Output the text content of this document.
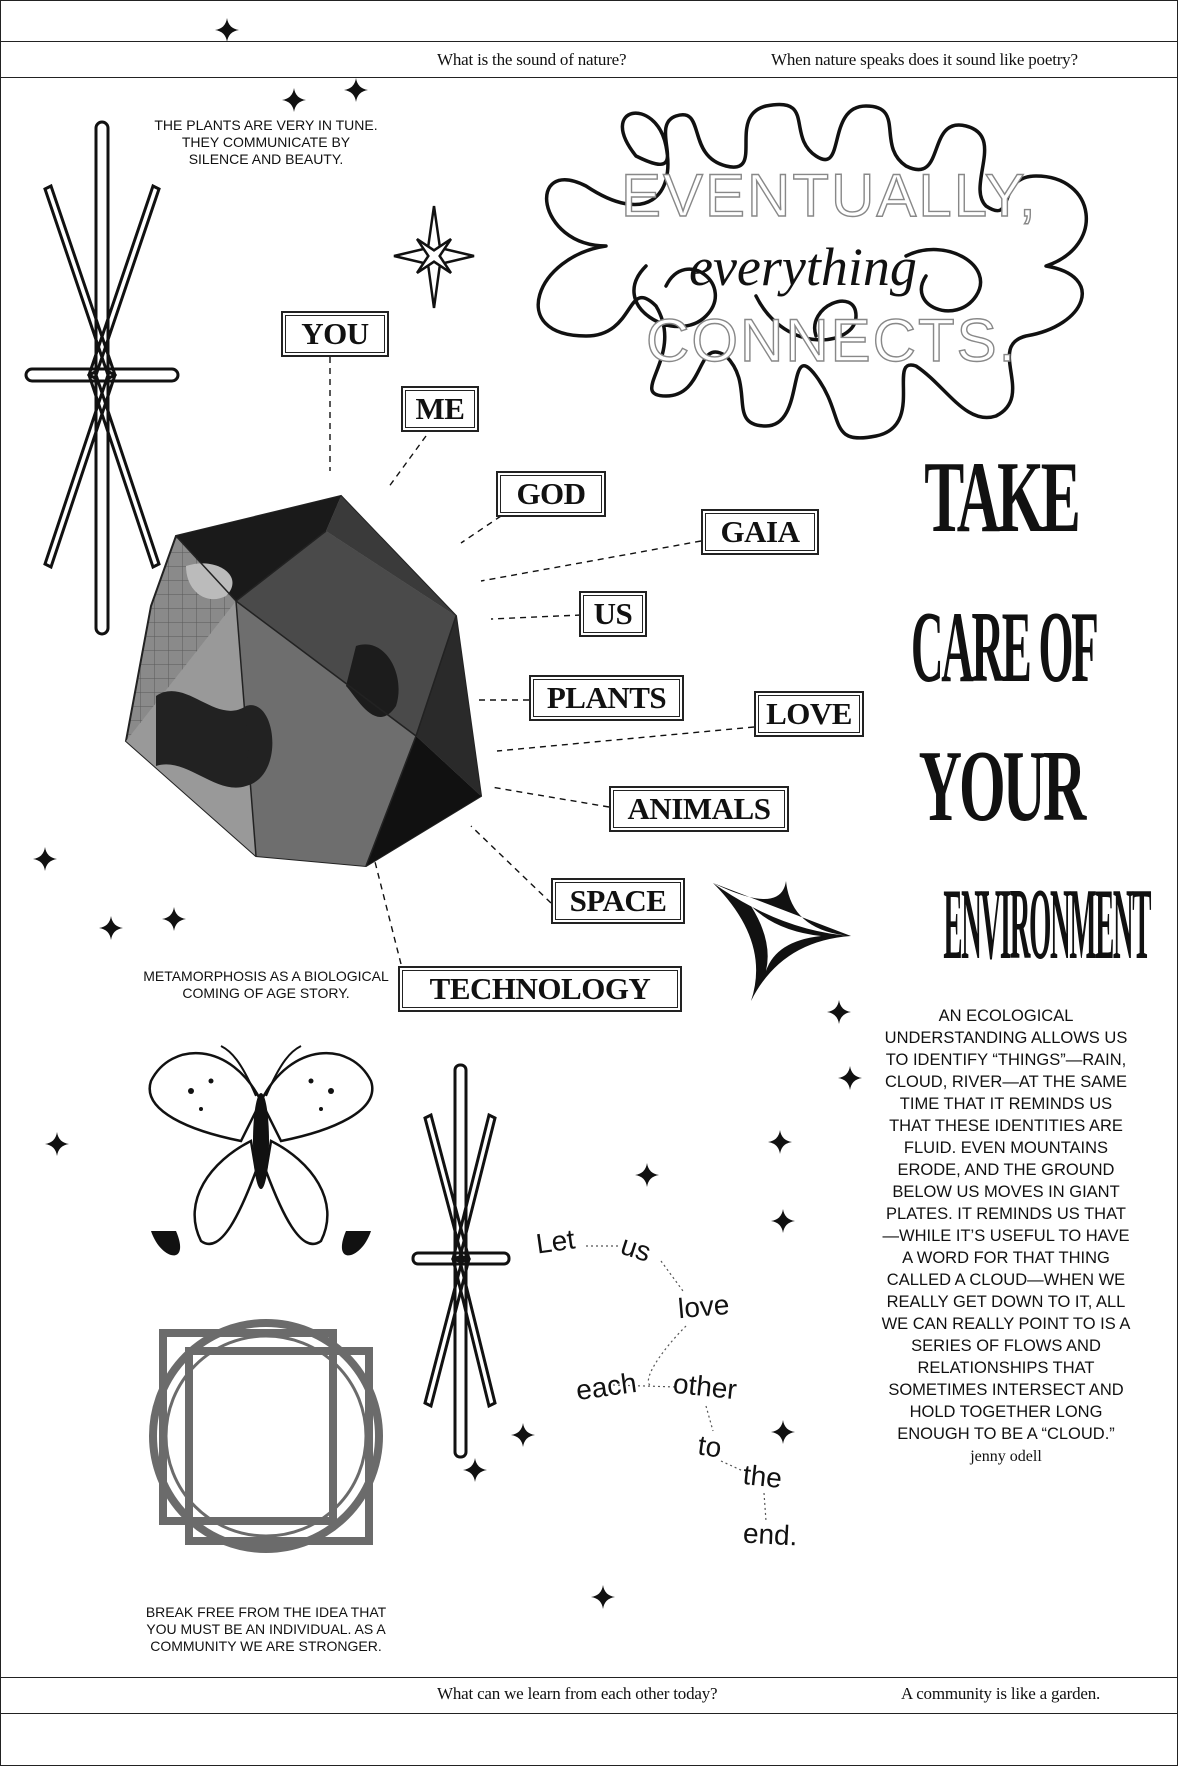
What is the sound of nature?	When nature speaks does it sound like poetry?
What can we learn from each other today?	A community is like a garden.
THE PLANTS ARE VERY IN TUNE.
THEY COMMUNICATE BY
SILENCE AND BEAUTY.
METAMORPHOSIS AS A BIOLOGICAL
COMING OF AGE STORY.
BREAK FREE FROM THE IDEA THAT
YOU MUST BE AN INDIVIDUAL. AS A
COMMUNITY WE ARE STRONGER.
EVENTUALLY,
everything
CONNECTS.
YOU
ME
GOD
GAIA
US
PLANTS	LOVE
ANIMALS
SPACE
TECHNOLOGY
TAKE
CARE OF
YOUR
ENVIRONMENT
AN ECOLOGICAL UNDERSTANDING ALLOWS US TO IDENTIFY “THINGS”—RAIN, CLOUD, RIVER—AT THE SAME TIME THAT IT REMINDS US THAT THESE IDENTITIES ARE FLUID. EVEN MOUNTAINS ERODE, AND THE GROUND BELOW US MOVES IN GIANT PLATES. IT REMINDS US THAT—WHILE IT’S USEFUL TO HAVE A WORD FOR THAT THING CALLED A CLOUD—WHEN WE REALLY GET DOWN TO IT, ALL WE CAN REALLY POINT TO IS A SERIES OF FLOWS AND RELATIONSHIPS THAT SOMETIMES INTERSECT AND HOLD TOGETHER LONG ENOUGH TO BE A “CLOUD.” jenny odell
Let us
love
each other
to
the
end.
